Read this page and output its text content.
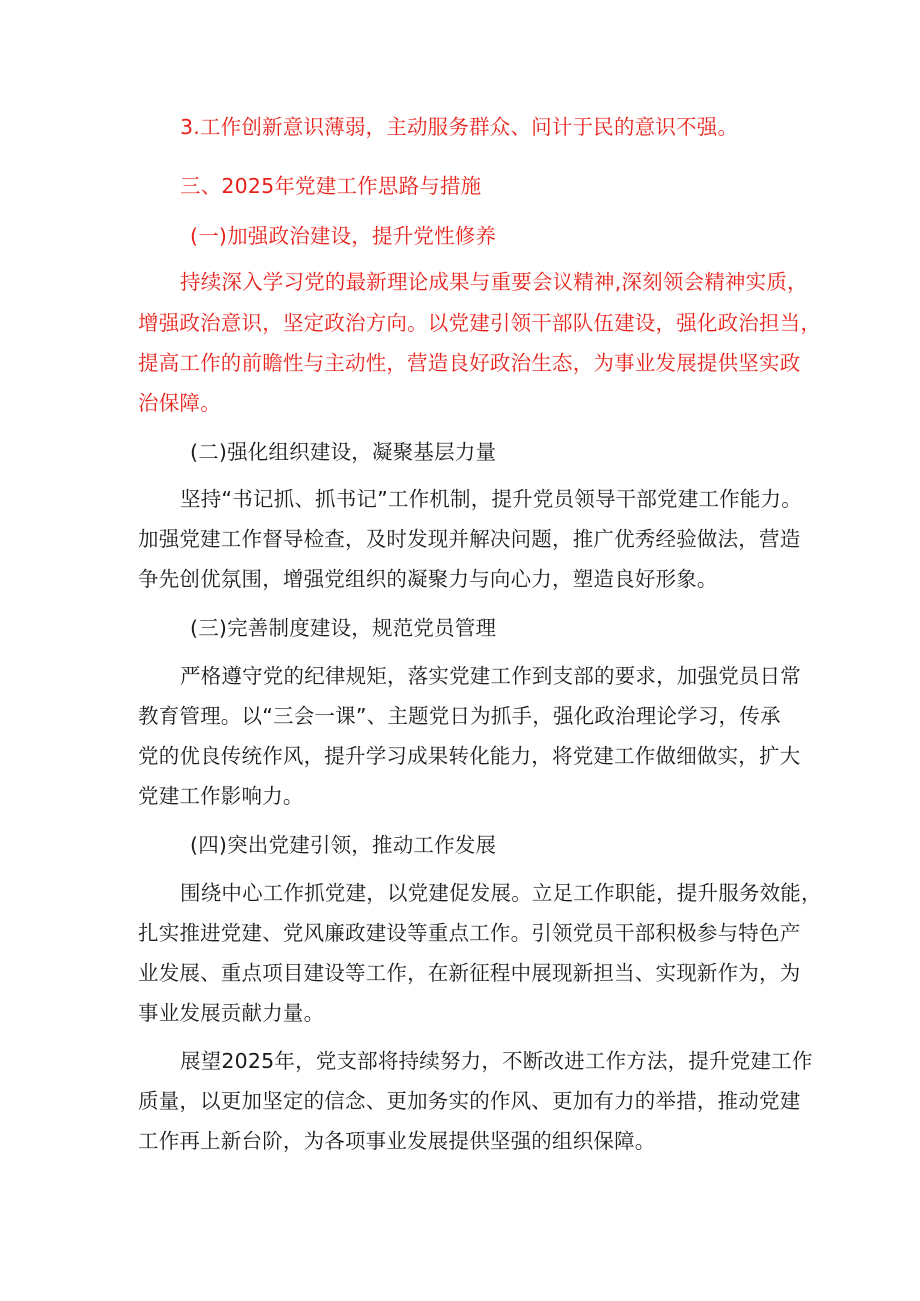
3.工作创新意识薄弱，主动服务群众、问计于民的意识不强。
三、2025年党建工作思路与措施
(一)加强政治建设，提升党性修养
持续深入学习党的最新理论成果与重要会议精神,深刻领会精神实质，
增强政治意识，坚定政治方向。以党建引领干部队伍建设，强化政治担当，
提高工作的前瞻性与主动性，营造良好政治生态，为事业发展提供坚实政
治保障。
(二)强化组织建设，凝聚基层力量
坚持“书记抓、抓书记”工作机制，提升党员领导干部党建工作能力。
加强党建工作督导检查，及时发现并解决问题，推广优秀经验做法，营造
争先创优氛围，增强党组织的凝聚力与向心力，塑造良好形象。
(三)完善制度建设，规范党员管理
严格遵守党的纪律规矩，落实党建工作到支部的要求，加强党员日常
教育管理。以“三会一课”、主题党日为抓手，强化政治理论学习，传承
党的优良传统作风，提升学习成果转化能力，将党建工作做细做实，扩大
党建工作影响力。
(四)突出党建引领，推动工作发展
围绕中心工作抓党建，以党建促发展。立足工作职能，提升服务效能，
扎实推进党建、党风廉政建设等重点工作。引领党员干部积极参与特色产
业发展、重点项目建设等工作，在新征程中展现新担当、实现新作为，为
事业发展贡献力量。
展望2025年，党支部将持续努力，不断改进工作方法，提升党建工作
质量，以更加坚定的信念、更加务实的作风、更加有力的举措，推动党建
工作再上新台阶，为各项事业发展提供坚强的组织保障。
